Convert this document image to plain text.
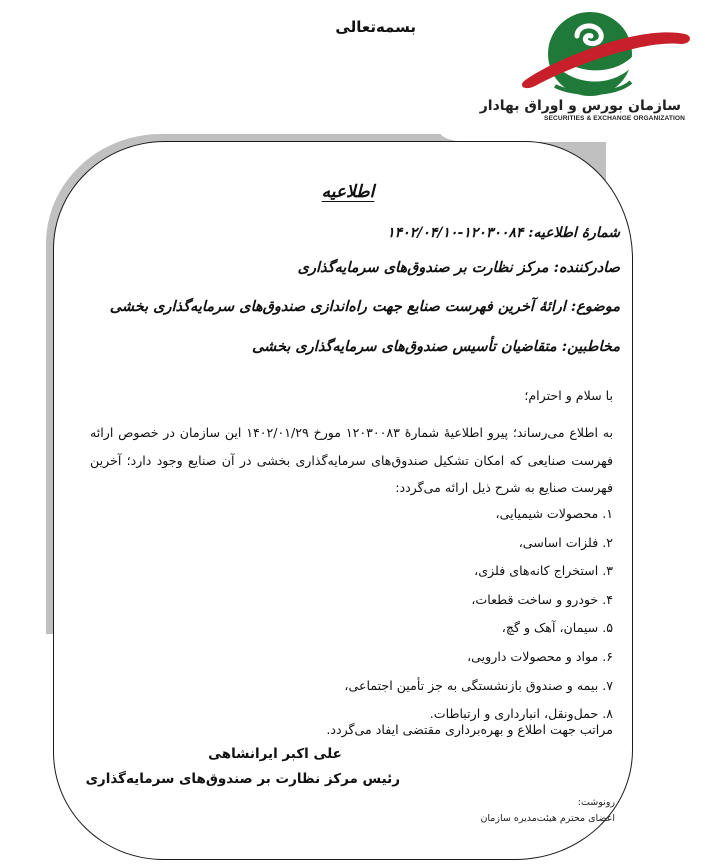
سازمان بورس و اوراق بهادار
SECURITIES & EXCHANGE ORGANIZATION
بسمه‌تعالی
اطلاعیه
شمارهٔ اطلاعیه: ۱۲۰۳۰۰۸۴-۱۴۰۲/۰۴/۱۰
صادرکننده: مرکز نظارت بر صندوق‌های سرمایه‌گذاری
موضوع: ارائهٔ آخرین فهرست صنایع جهت راه‌اندازی صندوق‌های سرمایه‌گذاری بخشی
مخاطبین: متقاضیان تأسیس صندوق‌های سرمایه‌گذاری بخشی
با سلام و احترام؛
به اطلاع می‌رساند؛ پیرو اطلاعیهٔ شمارهٔ ۱۲۰۳۰۰۸۳ مورخ ۱۴۰۲/۰۱/۲۹ این سازمان در خصوص ارائه فهرست صنایعی که امکان تشکیل صندوق‌های سرمایه‌گذاری بخشی در آن صنایع وجود دارد؛ آخرین فهرست صنایع به شرح ذیل ارائه می‌گردد:
۱. محصولات شیمیایی،
۲. فلزات اساسی،
۳. استخراج کانه‌های فلزی،
۴. خودرو و ساخت قطعات،
۵. سیمان، آهک و گچ،
۶. مواد و محصولات دارویی،
۷. بیمه و صندوق بازنشستگی به جز تأمین اجتماعی،
۸. حمل‌ونقل، انبارداری و ارتباطات.
مراتب جهت اطلاع و بهره‌برداری مقتضی ایفاد می‌گردد.
علی اکبر ایرانشاهی
رئیس مرکز نظارت بر صندوق‌های سرمایه‌گذاری
رونوشت:
اعضای محترم هیئت‌مدیره سازمان
